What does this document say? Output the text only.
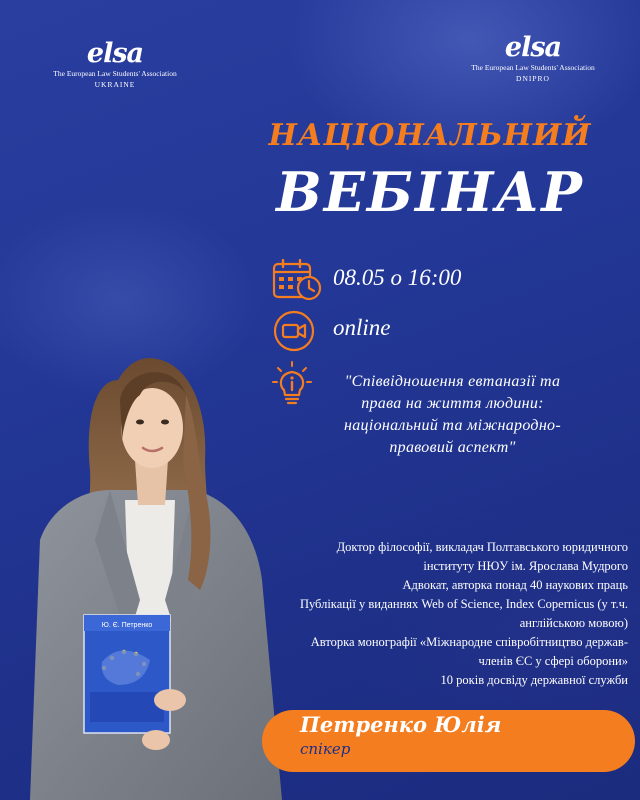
elsa
The European Law Students' Association
UKRAINE
elsa
The European Law Students' Association
DNIPRO
НАЦІОНАЛЬНИЙ
ВЕБІНАР
08.05 о 16:00
online
"Співвідношення евтаназії та
права на життя людини:
національний та міжнародно-
правовий аспект"
Ю. Є. Петренко

Доктор філософії, викладач Полтавського юридичного

інституту НЮУ ім. Ярослава Мудрого

Адвокат, авторка понад 40 наукових праць

Публікації у виданнях Web of Science, Index Copernicus (у т.ч.

англійською мовою)

Авторка монографії «Міжнародне співробітництво держав-

членів ЄС у сфері оборони»

10 років досвіду державної служби

Петренко Юлія
спікер
